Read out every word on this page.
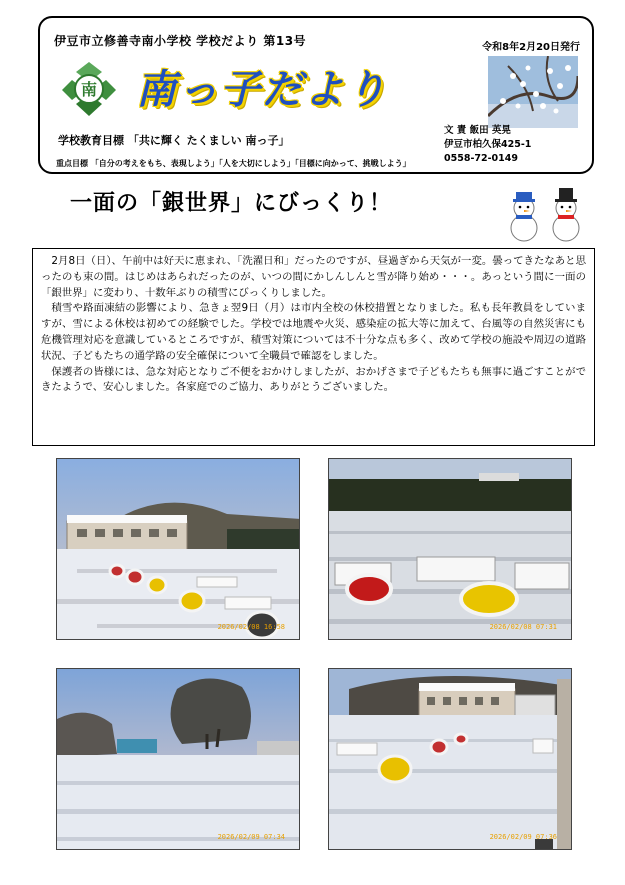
伊豆市立修善寺南小学校 学校だより 第13号	令和8年2月20日発行
南 南っ子だより
学校教育目標 「共に輝く たくましい 南っ子」
文 責 飯田 英晃
伊豆市柏久保425-1
0558-72-0149
重点目標 「自分の考えをもち、表現しよう」「人を大切にしよう」「目標に向かって、挑戦しよう」
一面の「銀世界」にびっくり！

2月8日（日）、午前中は好天に恵まれ、「洗濯日和」だったのですが、昼過ぎから天気が一変。曇ってきたなあと思ったのも束の間。はじめはあられだったのが、いつの間にかしんしんと雪が降り始め・・・。あっという間に一面の「銀世界」に変わり、十数年ぶりの積雪にびっくりしました。

積雪や路面凍結の影響により、急きょ翌9日（月）は市内全校の休校措置となりました。私も長年教員をしていますが、雪による休校は初めての経験でした。学校では地震や火災、感染症の拡大等に加えて、台風等の自然災害にも危機管理対応を意識しているところですが、積雪対策については不十分な点も多く、改めて学校の施設や周辺の道路状況、子どもたちの通学路の安全確保について全職員で確認をしました。

保護者の皆様には、急な対応となりご不便をおかけしましたが、おかげさまで子どもたちも無事に過ごすことができたようで、安心しました。各家庭でのご協力、ありがとうございました。

2026/02/08 16:58	2026/02/08 07:31
2026/02/09 07:34	2026/02/09 07:36
